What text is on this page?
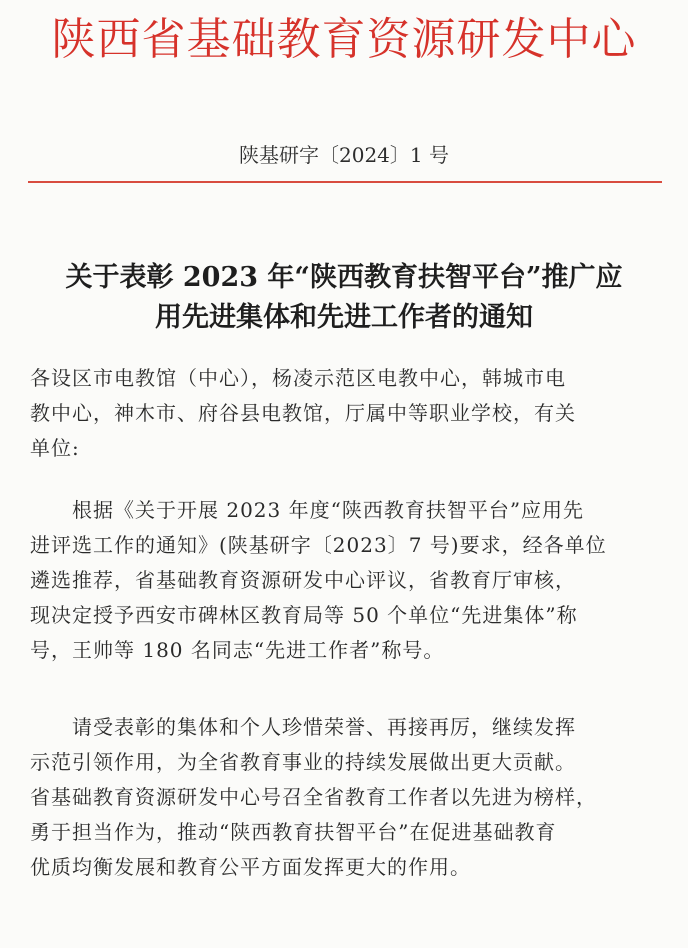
陕西省基础教育资源研发中心
陕基研字〔2024〕1 号
关于表彰 2023 年“陕西教育扶智平台”推广应
用先进集体和先进工作者的通知
各设区市电教馆（中心），杨凌示范区电教中心，韩城市电
教中心，神木市、府谷县电教馆，厅属中等职业学校，有关
单位:
　　根据《关于开展 2023 年度“陕西教育扶智平台”应用先
进评选工作的通知》(陕基研字〔2023〕7 号)要求，经各单位
遴选推荐，省基础教育资源研发中心评议，省教育厅审核，
现决定授予西安市碑林区教育局等 50 个单位“先进集体”称
号，王帅等 180 名同志“先进工作者”称号。
　　请受表彰的集体和个人珍惜荣誉、再接再厉，继续发挥
示范引领作用，为全省教育事业的持续发展做出更大贡献。
省基础教育资源研发中心号召全省教育工作者以先进为榜样，
勇于担当作为，推动“陕西教育扶智平台”在促进基础教育
优质均衡发展和教育公平方面发挥更大的作用。
